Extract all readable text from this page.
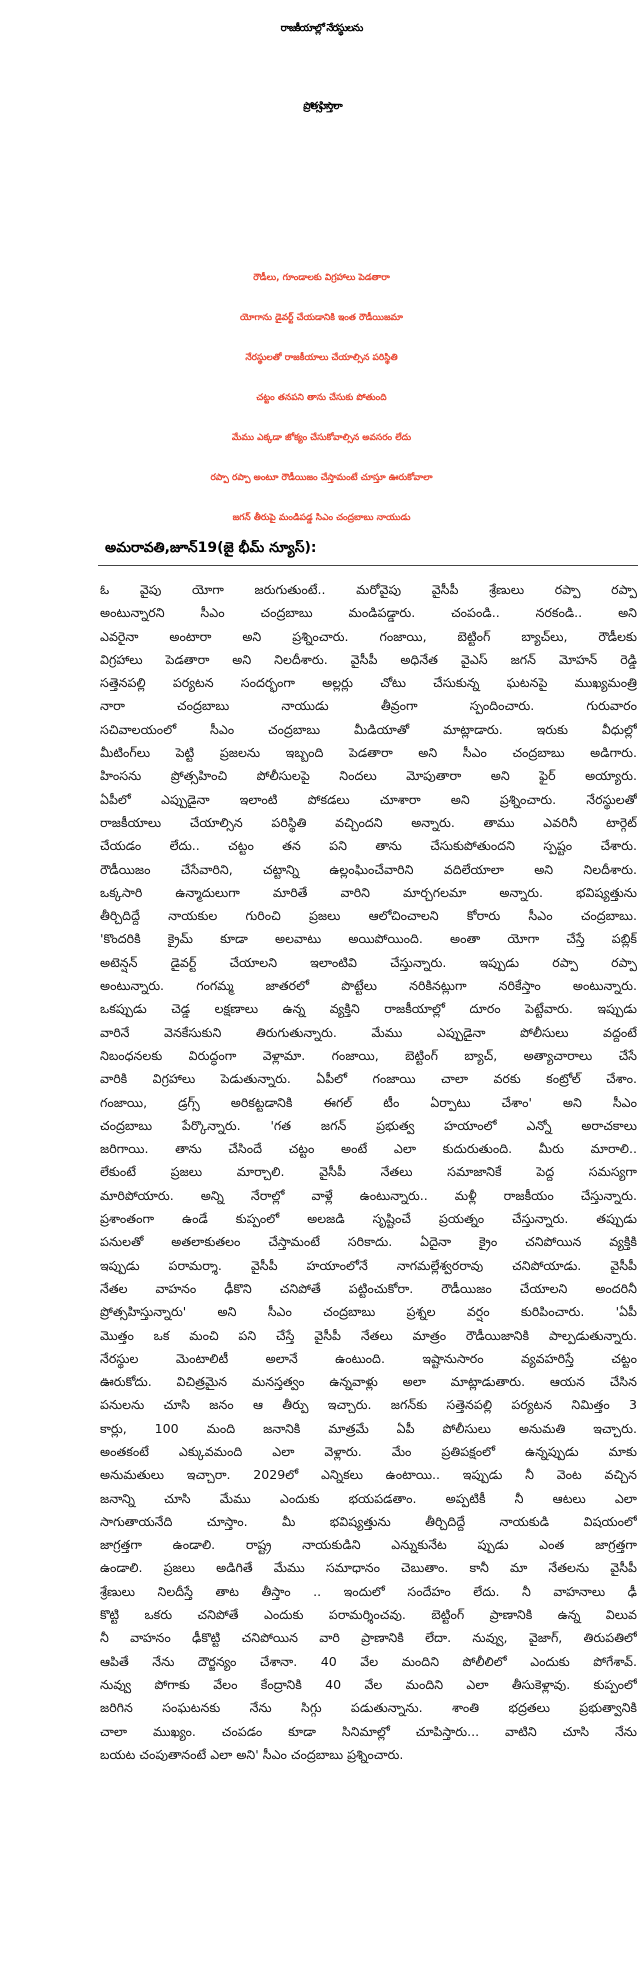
రాజకీయాల్లో నేరస్థులను
ప్రోత్సహిస్తారా
రౌడీలు, గూండాలకు విగ్రహాలు పెడతారా
యోగాను డైవర్ట్ చేయడానికి ఇంత రౌడీయిజమా
నేరస్థులతో రాజకీయాలు చేయాల్సిన పరిస్థితి
చట్టం తనపని తాను చేసుకు పోతుంది
మేము ఎక్కడా జోక్యం చేసుకోవాల్సిన అవసరం లేదు
రప్పా రప్పా అంటూ రౌడీయిజం చేస్తామంటే చూస్తూ ఊరుకోవాలా
జగన్ తీరుపై మండిపడ్డ సిఎం చంద్రబాబు నాయుడు
అమరావతి,జూన్19(జై భీమ్ న్యూస్):
ఓ వైపు యోగా జరుగుతుంటే.. మరోవైపు వైసీపీ శ్రేణులు రప్పా రప్పా
అంటున్నారని సీఎం చంద్రబాబు మండిపడ్డారు. చంపండి.. నరకండి.. అని
ఎవరైనా అంటారా అని ప్రశ్నించారు. గంజాయి, బెట్టింగ్ బ్యాచ్‌లు, రౌడీలకు
విగ్రహాలు పెడతారా అని నిలదీశారు. వైసీపీ అధినేత వైఎస్ జగన్ మోహన్ రెడ్డి
సత్తెనపల్లి పర్యటన సందర్భంగా అల్లర్లు చోటు చేసుకున్న ఘటనపై ముఖ్యమంత్రి
నారా చంద్రబాబు నాయుడు తీవ్రంగా స్పందించారు. గురువారం
సచివాలయంలో సీఎం చంద్రబాబు మీడియాతో మాట్లాడారు. ఇరుకు వీధుల్లో
మీటింగ్‌లు పెట్టి ప్రజలను ఇబ్బంది పెడతారా అని సీఎం చంద్రబాబు అడిగారు.
హింసను ప్రోత్సహించి పోలీసులపై నిందలు మోపుతారా అని ఫైర్ అయ్యారు.
ఏపీలో ఎప్పుడైనా ఇలాంటి పోకడలు చూశారా అని ప్రశ్నించారు. నేరస్థులతో
రాజకీయాలు చేయాల్సిన పరిస్థితి వచ్చిందని అన్నారు. తాము ఎవరినీ టార్గెట్
చేయడం లేదు.. చట్టం తన పని తాను చేసుకుపోతుందని స్పష్టం చేశారు.
రౌడీయిజం చేసేవారిని, చట్టాన్ని ఉల్లంఘించేవారిని వదిలేయాలా అని నిలదీశారు.
ఒక్కసారి ఉన్మాదులుగా మారితే వారిని మార్చగలమా అన్నారు. భవిష్యత్తును
తీర్చిదిద్దే నాయకుల గురించి ప్రజలు ఆలోచించాలని కోరారు సీఎం చంద్రబాబు.
'కొందరికి క్రైమ్ కూడా అలవాటు అయిపోయింది. అంతా యోగా చేస్తే పబ్లిక్
అటెన్షన్ డైవర్ట్ చేయాలని ఇలాంటివి చేస్తున్నారు. ఇప్పుడు రప్పా రప్పా
అంటున్నారు. గంగమ్మ జాతరలో పొట్టేలు నరికినట్లుగా నరికేస్తాం అంటున్నారు.
ఒకప్పుడు చెడ్డ లక్షణాలు ఉన్న వ్యక్తిని రాజకీయాల్లో దూరం పెట్టేవారు. ఇప్పుడు
వారినే వెనకేసుకుని తిరుగుతున్నారు. మేము ఎప్పుడైనా పోలీసులు వద్దంటే
నిబంధనలకు విరుద్ధంగా వెళ్లామా. గంజాయి, బెట్టింగ్ బ్యాచ్, అత్యాచారాలు చేసే
వారికి విగ్రహాలు పెడుతున్నారు. ఏపీలో గంజాయి చాలా వరకు కంట్రోల్ చేశాం.
గంజాయి, డ్రగ్స్ అరికట్టడానికి ఈగల్ టీం ఏర్పాటు చేశాం' అని సీఎం
చంద్రబాబు పేర్కొన్నారు. 'గత జగన్ ప్రభుత్వ హయాంలో ఎన్నో అరాచకాలు
జరిగాయి. తాను చేసిందే చట్టం అంటే ఎలా కుదురుతుంది. మీరు మారాలి..
లేకుంటే ప్రజలు మార్చాలి. వైసీపీ నేతలు సమాజానికే పెద్ద సమస్యగా
మారిపోయారు. అన్ని నేరాల్లో వాళ్లే ఉంటున్నారు.. మళ్లీ రాజకీయం చేస్తున్నారు.
ప్రశాంతంగా ఉండే కుప్పంలో అలజడి సృష్టించే ప్రయత్నం చేస్తున్నారు. తప్పుడు
పనులతో అతలాకుతలం చేస్తామంటే సరికాదు. ఏదైనా క్రైం చనిపోయిన వ్యక్తికి
ఇప్పుడు పరామర్శా. వైసీపీ హయాంలోనే నాగమల్లేశ్వరరావు చనిపోయాడు. వైసీపీ
నేతల వాహనం ఢీకొని చనిపోతే పట్టించుకోరా. రౌడీయిజం చేయాలని అందరినీ
ప్రోత్సహిస్తున్నారు' అని సీఎం చంద్రబాబు ప్రశ్నల వర్షం కురిపించారు. 'ఏపీ
మొత్తం ఒక మంచి పని చేస్తే వైసీపీ నేతలు మాత్రం రౌడీయిజానికి పాల్పడుతున్నారు.
నేరస్థుల మెంటాలిటీ అలానే ఉంటుంది. ఇష్టానుసారం వ్యవహరిస్తే చట్టం
ఊరుకోదు. విచిత్రమైన మనస్తత్వం ఉన్నవాళ్లు అలా మాట్లాడుతారు. ఆయన చేసిన
పనులను చూసి జనం ఆ తీర్పు ఇచ్చారు. జగన్‌కు సత్తెనపల్లి పర్యటన నిమిత్తం 3
కార్లు, 100 మంది జనానికి మాత్రమే ఏపీ పోలీసులు అనుమతి ఇచ్చారు.
అంతకంటే ఎక్కువమంది ఎలా వెళ్లారు. మేం ప్రతిపక్షంలో ఉన్నప్పుడు మాకు
అనుమతులు ఇచ్చారా. 2029లో ఎన్నికలు ఉంటాయి.. ఇప్పుడు నీ వెంట వచ్చిన
జనాన్ని చూసి మేము ఎందుకు భయపడతాం. అప్పటికీ నీ ఆటలు ఎలా
సాగుతాయనేది చూస్తాం. మీ భవిష్యత్తును తీర్చిదిద్దే నాయకుడి విషయంలో
జాగ్రత్తగా ఉండాలి. రాష్ట్ర నాయకుడిని ఎన్నుకునేట ప్పుడు ఎంత జాగ్రత్తగా
ఉండాలి. ప్రజలు అడిగితే మేము సమాధానం చెబుతాం. కానీ మా నేతలను వైసీపీ
శ్రేణులు నిలదీస్తే తాట తీస్తాం .. ఇందులో సందేహం లేదు. నీ వాహనాలు ఢీ
కొట్టి ఒకరు చనిపోతే ఎందుకు పరామర్శించవు. బెట్టింగ్ ప్రాణానికి ఉన్న విలువ
నీ వాహనం ఢీకొట్టి చనిపోయిన వారి ప్రాణానికి లేదా. నువ్వు, వైజాగ్, తిరుపతిలో
ఆపితే నేను దౌర్జన్యం చేశానా. 40 వేల మందిని పోలీలిలో ఎందుకు పోగేశావ్.
నువ్వు పోగాకు వేలం కేంద్రానికి 40 వేల మందిని ఎలా తీసుకెళ్లావు. కుప్పంలో
జరిగిన సంఘటనకు నేను సిగ్గు పడుతున్నాను. శాంతి భద్రతలు ప్రభుత్వానికి
చాలా ముఖ్యం. చంపడం కూడా సినిమాల్లో చూపిస్తారు... వాటిని చూసి నేను
బయట చంపుతానంటే ఎలా అని' సీఎం చంద్రబాబు ప్రశ్నించారు.
